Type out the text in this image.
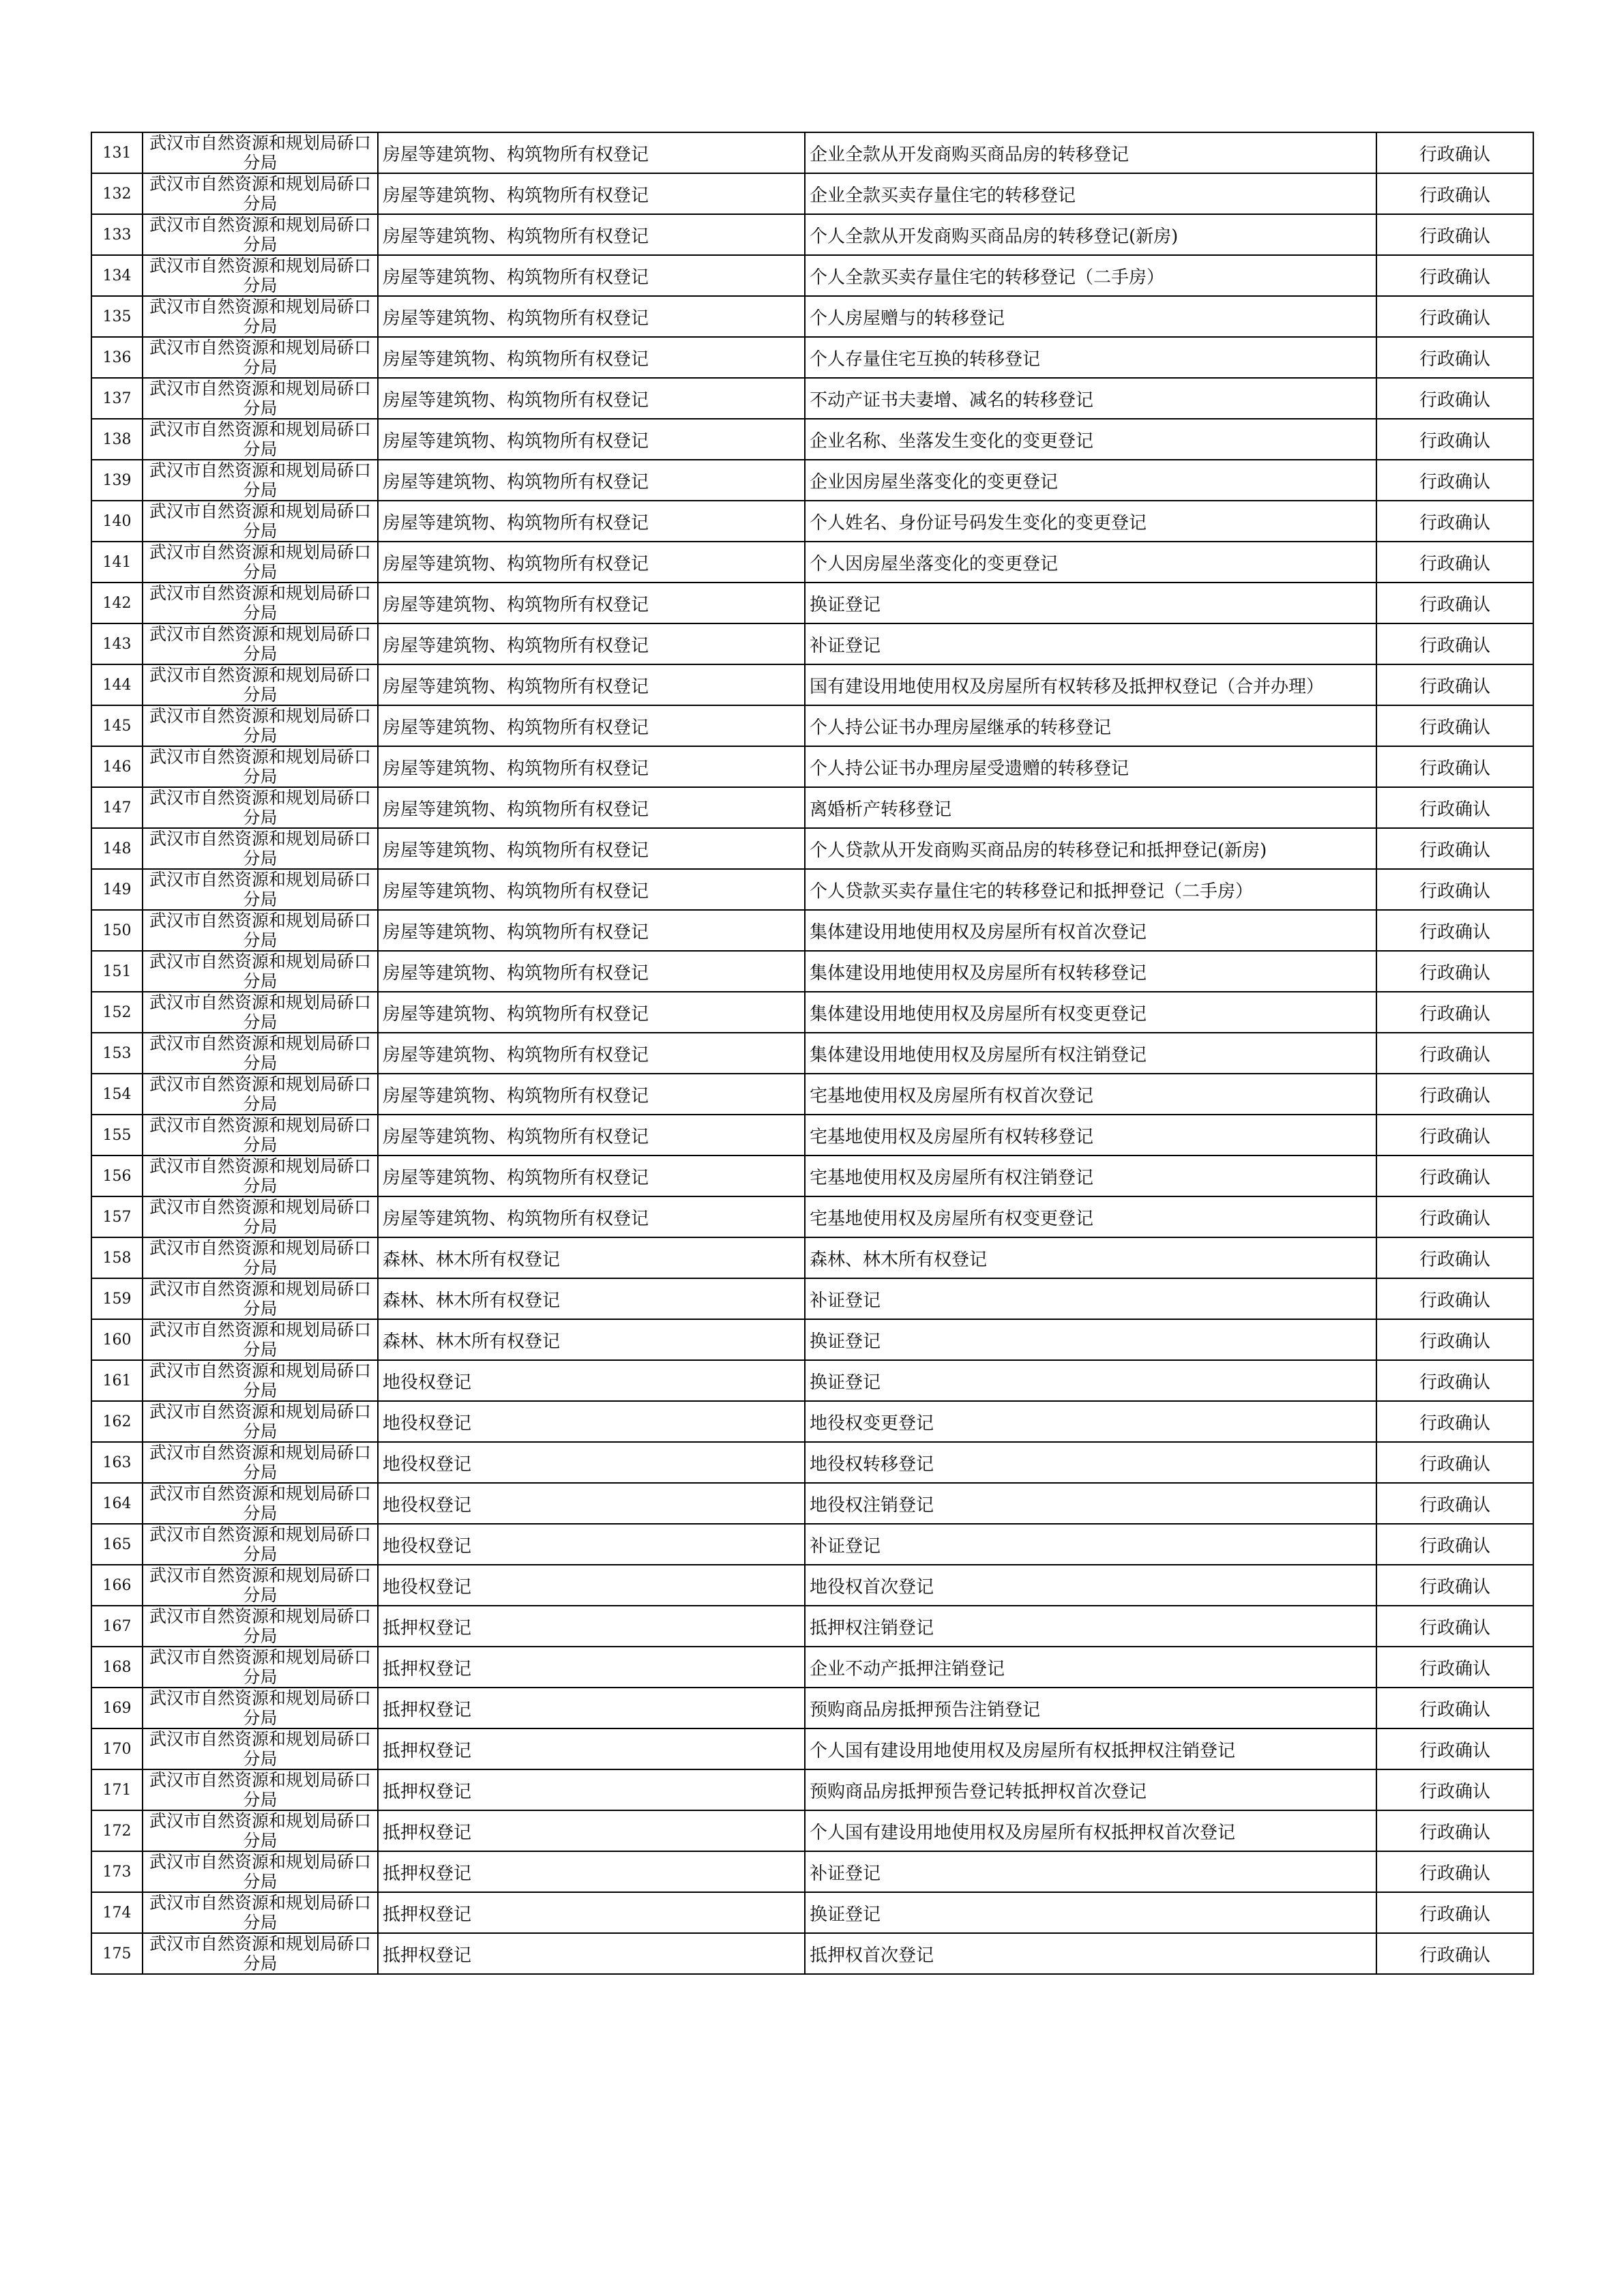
131	武汉市自然资源和规划局硚口分局	房屋等建筑物、构筑物所有权登记	企业全款从开发商购买商品房的转移登记	行政确认
132	武汉市自然资源和规划局硚口分局	房屋等建筑物、构筑物所有权登记	企业全款买卖存量住宅的转移登记	行政确认
133	武汉市自然资源和规划局硚口分局	房屋等建筑物、构筑物所有权登记	个人全款从开发商购买商品房的转移登记(新房)	行政确认
134	武汉市自然资源和规划局硚口分局	房屋等建筑物、构筑物所有权登记	个人全款买卖存量住宅的转移登记（二手房）	行政确认
135	武汉市自然资源和规划局硚口分局	房屋等建筑物、构筑物所有权登记	个人房屋赠与的转移登记	行政确认
136	武汉市自然资源和规划局硚口分局	房屋等建筑物、构筑物所有权登记	个人存量住宅互换的转移登记	行政确认
137	武汉市自然资源和规划局硚口分局	房屋等建筑物、构筑物所有权登记	不动产证书夫妻增、减名的转移登记	行政确认
138	武汉市自然资源和规划局硚口分局	房屋等建筑物、构筑物所有权登记	企业名称、坐落发生变化的变更登记	行政确认
139	武汉市自然资源和规划局硚口分局	房屋等建筑物、构筑物所有权登记	企业因房屋坐落变化的变更登记	行政确认
140	武汉市自然资源和规划局硚口分局	房屋等建筑物、构筑物所有权登记	个人姓名、身份证号码发生变化的变更登记	行政确认
141	武汉市自然资源和规划局硚口分局	房屋等建筑物、构筑物所有权登记	个人因房屋坐落变化的变更登记	行政确认
142	武汉市自然资源和规划局硚口分局	房屋等建筑物、构筑物所有权登记	换证登记	行政确认
143	武汉市自然资源和规划局硚口分局	房屋等建筑物、构筑物所有权登记	补证登记	行政确认
144	武汉市自然资源和规划局硚口分局	房屋等建筑物、构筑物所有权登记	国有建设用地使用权及房屋所有权转移及抵押权登记（合并办理）	行政确认
145	武汉市自然资源和规划局硚口分局	房屋等建筑物、构筑物所有权登记	个人持公证书办理房屋继承的转移登记	行政确认
146	武汉市自然资源和规划局硚口分局	房屋等建筑物、构筑物所有权登记	个人持公证书办理房屋受遗赠的转移登记	行政确认
147	武汉市自然资源和规划局硚口分局	房屋等建筑物、构筑物所有权登记	离婚析产转移登记	行政确认
148	武汉市自然资源和规划局硚口分局	房屋等建筑物、构筑物所有权登记	个人贷款从开发商购买商品房的转移登记和抵押登记(新房)	行政确认
149	武汉市自然资源和规划局硚口分局	房屋等建筑物、构筑物所有权登记	个人贷款买卖存量住宅的转移登记和抵押登记（二手房）	行政确认
150	武汉市自然资源和规划局硚口分局	房屋等建筑物、构筑物所有权登记	集体建设用地使用权及房屋所有权首次登记	行政确认
151	武汉市自然资源和规划局硚口分局	房屋等建筑物、构筑物所有权登记	集体建设用地使用权及房屋所有权转移登记	行政确认
152	武汉市自然资源和规划局硚口分局	房屋等建筑物、构筑物所有权登记	集体建设用地使用权及房屋所有权变更登记	行政确认
153	武汉市自然资源和规划局硚口分局	房屋等建筑物、构筑物所有权登记	集体建设用地使用权及房屋所有权注销登记	行政确认
154	武汉市自然资源和规划局硚口分局	房屋等建筑物、构筑物所有权登记	宅基地使用权及房屋所有权首次登记	行政确认
155	武汉市自然资源和规划局硚口分局	房屋等建筑物、构筑物所有权登记	宅基地使用权及房屋所有权转移登记	行政确认
156	武汉市自然资源和规划局硚口分局	房屋等建筑物、构筑物所有权登记	宅基地使用权及房屋所有权注销登记	行政确认
157	武汉市自然资源和规划局硚口分局	房屋等建筑物、构筑物所有权登记	宅基地使用权及房屋所有权变更登记	行政确认
158	武汉市自然资源和规划局硚口分局	森林、林木所有权登记	森林、林木所有权登记	行政确认
159	武汉市自然资源和规划局硚口分局	森林、林木所有权登记	补证登记	行政确认
160	武汉市自然资源和规划局硚口分局	森林、林木所有权登记	换证登记	行政确认
161	武汉市自然资源和规划局硚口分局	地役权登记	换证登记	行政确认
162	武汉市自然资源和规划局硚口分局	地役权登记	地役权变更登记	行政确认
163	武汉市自然资源和规划局硚口分局	地役权登记	地役权转移登记	行政确认
164	武汉市自然资源和规划局硚口分局	地役权登记	地役权注销登记	行政确认
165	武汉市自然资源和规划局硚口分局	地役权登记	补证登记	行政确认
166	武汉市自然资源和规划局硚口分局	地役权登记	地役权首次登记	行政确认
167	武汉市自然资源和规划局硚口分局	抵押权登记	抵押权注销登记	行政确认
168	武汉市自然资源和规划局硚口分局	抵押权登记	企业不动产抵押注销登记	行政确认
169	武汉市自然资源和规划局硚口分局	抵押权登记	预购商品房抵押预告注销登记	行政确认
170	武汉市自然资源和规划局硚口分局	抵押权登记	个人国有建设用地使用权及房屋所有权抵押权注销登记	行政确认
171	武汉市自然资源和规划局硚口分局	抵押权登记	预购商品房抵押预告登记转抵押权首次登记	行政确认
172	武汉市自然资源和规划局硚口分局	抵押权登记	个人国有建设用地使用权及房屋所有权抵押权首次登记	行政确认
173	武汉市自然资源和规划局硚口分局	抵押权登记	补证登记	行政确认
174	武汉市自然资源和规划局硚口分局	抵押权登记	换证登记	行政确认
175	武汉市自然资源和规划局硚口分局	抵押权登记	抵押权首次登记	行政确认
